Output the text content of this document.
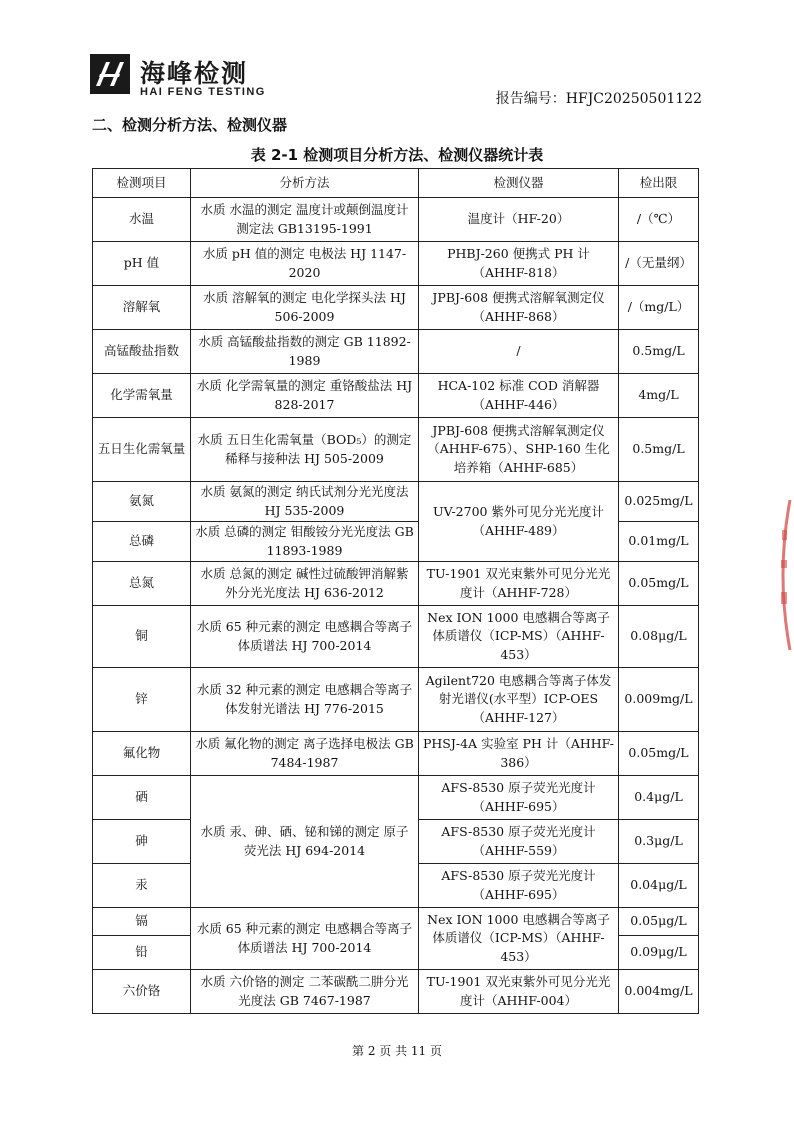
海峰检测
HAI FENG TESTING	报告编号：HFJC20250501122
二、检测分析方法、检测仪器
表 2-1 检测项目分析方法、检测仪器统计表
检测项目	分析方法	检测仪器	检出限
水温	水质 水温的测定 温度计或颠倒温度计测定法 GB13195-1991	温度计（HF-20）	/（℃）
pH 值	水质 pH 值的测定 电极法 HJ 1147-2020	PHBJ-260 便携式 PH 计（AHHF-818）	/（无量纲）
溶解氧	水质 溶解氧的测定 电化学探头法 HJ 506-2009	JPBJ-608 便携式溶解氧测定仪（AHHF-868）	/（mg/L）
高锰酸盐指数	水质 高锰酸盐指数的测定 GB 11892-1989	/	0.5mg/L
化学需氧量	水质 化学需氧量的测定 重铬酸盐法 HJ 828-2017	HCA-102 标准 COD 消解器（AHHF-446）	4mg/L
五日生化需氧量	水质 五日生化需氧量（BOD₅）的测定 稀释与接种法 HJ 505-2009	JPBJ-608 便携式溶解氧测定仪（AHHF-675）、SHP-160 生化培养箱（AHHF-685）	0.5mg/L
氨氮	水质 氨氮的测定 纳氏试剂分光光度法 HJ 535-2009	UV-2700 紫外可见分光光度计（AHHF-489）	0.025mg/L
总磷	水质 总磷的测定 钼酸铵分光光度法 GB 11893-1989		0.01mg/L
总氮	水质 总氮的测定 碱性过硫酸钾消解紫外分光光度法 HJ 636-2012	TU-1901 双光束紫外可见分光光度计（AHHF-728）	0.05mg/L
铜	水质 65 种元素的测定 电感耦合等离子体质谱法 HJ 700-2014	Nex ION 1000 电感耦合等离子体质谱仪（ICP-MS）（AHHF-453）	0.08μg/L
锌	水质 32 种元素的测定 电感耦合等离子体发射光谱法 HJ 776-2015	Agilent720 电感耦合等离子体发射光谱仪(水平型）ICP-OES（AHHF-127）	0.009mg/L
氟化物	水质 氟化物的测定 离子选择电极法 GB 7484-1987	PHSJ-4A 实验室 PH 计（AHHF-386）	0.05mg/L
硒	水质 汞、砷、硒、铋和锑的测定 原子荧光法 HJ 694-2014	AFS-8530 原子荧光光度计（AHHF-695）	0.4μg/L
砷		AFS-8530 原子荧光光度计（AHHF-559）	0.3μg/L
汞		AFS-8530 原子荧光光度计（AHHF-695）	0.04μg/L
镉	水质 65 种元素的测定 电感耦合等离子体质谱法 HJ 700-2014	Nex ION 1000 电感耦合等离子体质谱仪（ICP-MS）（AHHF-453）	0.05μg/L
铅			0.09μg/L
六价铬	水质 六价铬的测定 二苯碳酰二肼分光光度法 GB 7467-1987	TU-1901 双光束紫外可见分光光度计（AHHF-004）	0.004mg/L
第 2 页 共 11 页
